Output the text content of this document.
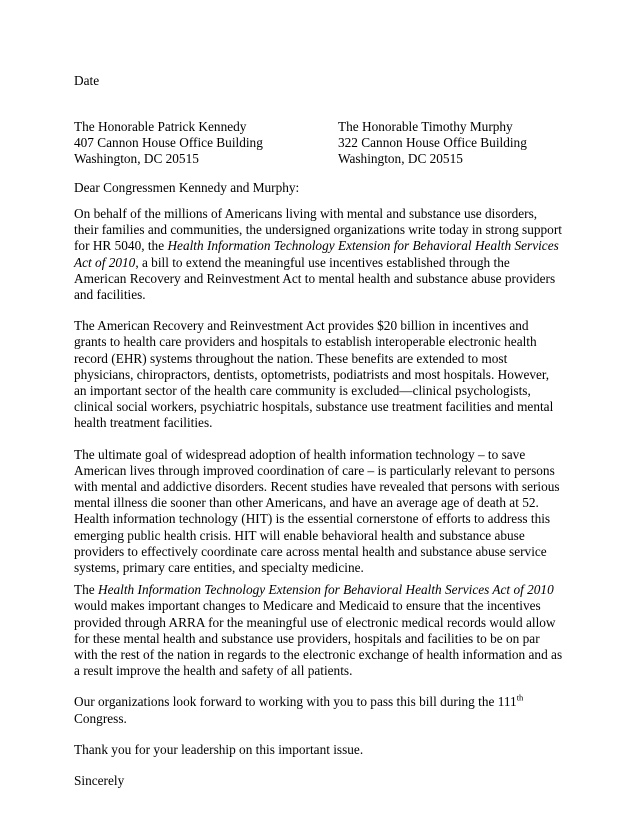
Date
The Honorable Patrick Kennedy
407 Cannon House Office Building
Washington, DC 20515
The Honorable Timothy Murphy
322 Cannon House Office Building
Washington, DC 20515
Dear Congressmen Kennedy and Murphy:

On behalf of the millions of Americans living with mental and substance use disorders, their families and communities, the undersigned organizations write today in strong support for HR 5040, the Health Information Technology Extension for Behavioral Health Services Act of 2010, a bill to extend the meaningful use incentives established through the American Recovery and Reinvestment Act to mental health and substance abuse providers and facilities.

The American Recovery and Reinvestment Act provides $20 billion in incentives and grants to health care providers and hospitals to establish interoperable electronic health record (EHR) systems throughout the nation. These benefits are extended to most physicians, chiropractors, dentists, optometrists, podiatrists and most hospitals. However, an important sector of the health care community is excluded—clinical psychologists, clinical social workers, psychiatric hospitals, substance use treatment facilities and mental health treatment facilities.

The ultimate goal of widespread adoption of health information technology – to save American lives through improved coordination of care – is particularly relevant to persons with mental and addictive disorders. Recent studies have revealed that persons with serious mental illness die sooner than other Americans, and have an average age of death at 52. Health information technology (HIT) is the essential cornerstone of efforts to address this emerging public health crisis. HIT will enable behavioral health and substance abuse providers to effectively coordinate care across mental health and substance abuse service systems, primary care entities, and specialty medicine.

The Health Information Technology Extension for Behavioral Health Services Act of 2010 would makes important changes to Medicare and Medicaid to ensure that the incentives provided through ARRA for the meaningful use of electronic medical records would allow for these mental health and substance use providers, hospitals and facilities to be on par with the rest of the nation in regards to the electronic exchange of health information and as a result improve the health and safety of all patients.

Our organizations look forward to working with you to pass this bill during the 111th Congress.

Thank you for your leadership on this important issue.

Sincerely
